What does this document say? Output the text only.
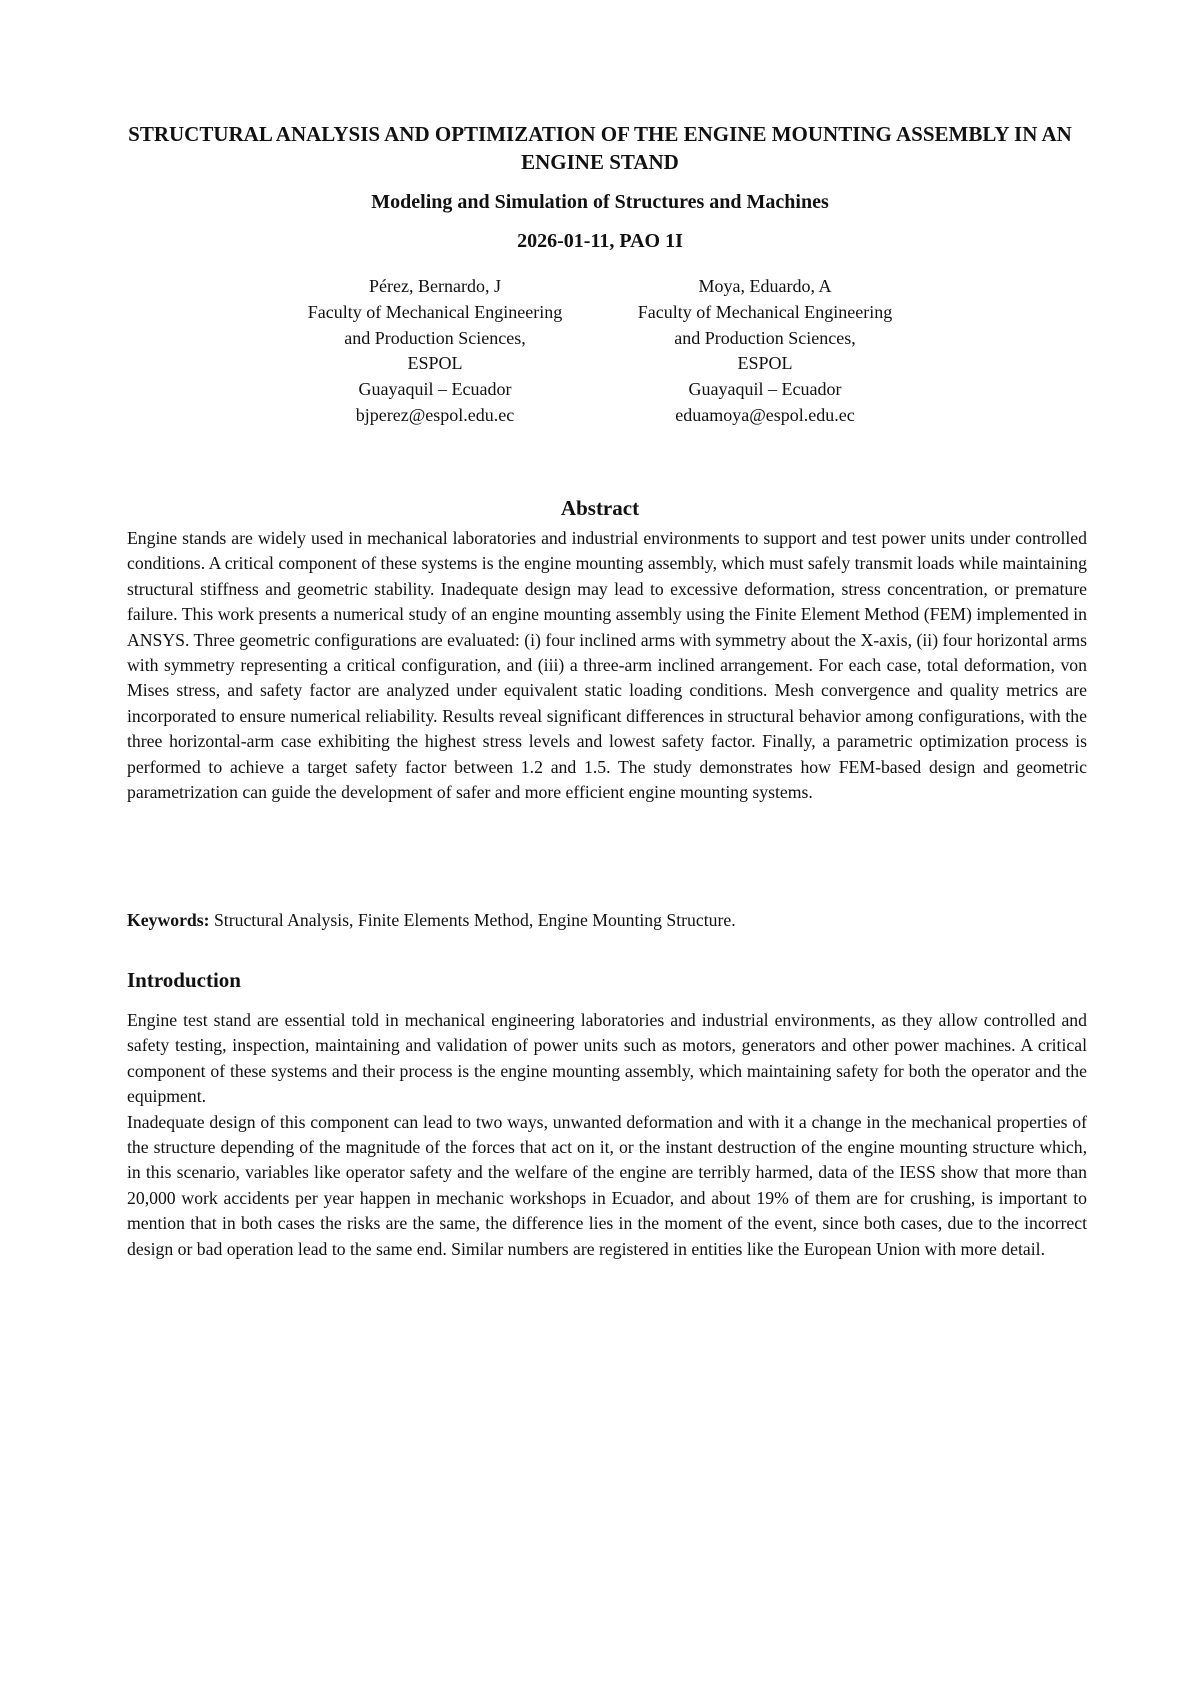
STRUCTURAL ANALYSIS AND OPTIMIZATION OF THE ENGINE MOUNTING ASSEMBLY IN AN ENGINE STAND
Modeling and Simulation of Structures and Machines
2026-01-11, PAO 1I
Pérez, Bernardo, J
Faculty of Mechanical Engineering
and Production Sciences,
ESPOL
Guayaquil – Ecuador
bjperez@espol.edu.ec
Moya, Eduardo, A
Faculty of Mechanical Engineering
and Production Sciences,
ESPOL
Guayaquil – Ecuador
eduamoya@espol.edu.ec
Abstract

Engine stands are widely used in mechanical laboratories and industrial environments to support and test power units under controlled conditions. A critical component of these systems is the engine mounting assembly, which must safely transmit loads while maintaining structural stiffness and geometric stability. Inadequate design may lead to excessive deformation, stress concentration, or premature failure. This work presents a numerical study of an engine mounting assembly using the Finite Element Method (FEM) implemented in ANSYS. Three geometric configurations are evaluated: (i) four inclined arms with symmetry about the X-axis, (ii) four horizontal arms with symmetry representing a critical configuration, and (iii) a three-arm inclined arrangement. For each case, total deformation, von Mises stress, and safety factor are analyzed under equivalent static loading conditions. Mesh convergence and quality metrics are incorporated to ensure numerical reliability. Results reveal significant differences in structural behavior among configurations, with the three horizontal-arm case exhibiting the highest stress levels and lowest safety factor. Finally, a parametric optimization process is performed to achieve a target safety factor between 1.2 and 1.5. The study demonstrates how FEM-based design and geometric parametrization can guide the development of safer and more efficient engine mounting systems.

Keywords: Structural Analysis, Finite Elements Method, Engine Mounting Structure.

Introduction

Engine test stand are essential told in mechanical engineering laboratories and industrial environments, as they allow controlled and safety testing, inspection, maintaining and validation of power units such as motors, generators and other power machines. A critical component of these systems and their process is the engine mounting assembly, which maintaining safety for both the operator and the equipment.

Inadequate design of this component can lead to two ways, unwanted deformation and with it a change in the mechanical properties of the structure depending of the magnitude of the forces that act on it, or the instant destruction of the engine mounting structure which, in this scenario, variables like operator safety and the welfare of the engine are terribly harmed, data of the IESS show that more than 20,000 work accidents per year happen in mechanic workshops in Ecuador, and about 19% of them are for crushing, is important to mention that in both cases the risks are the same, the difference lies in the moment of the event, since both cases, due to the incorrect design or bad operation lead to the same end. Similar numbers are registered in entities like the European Union with more detail.
